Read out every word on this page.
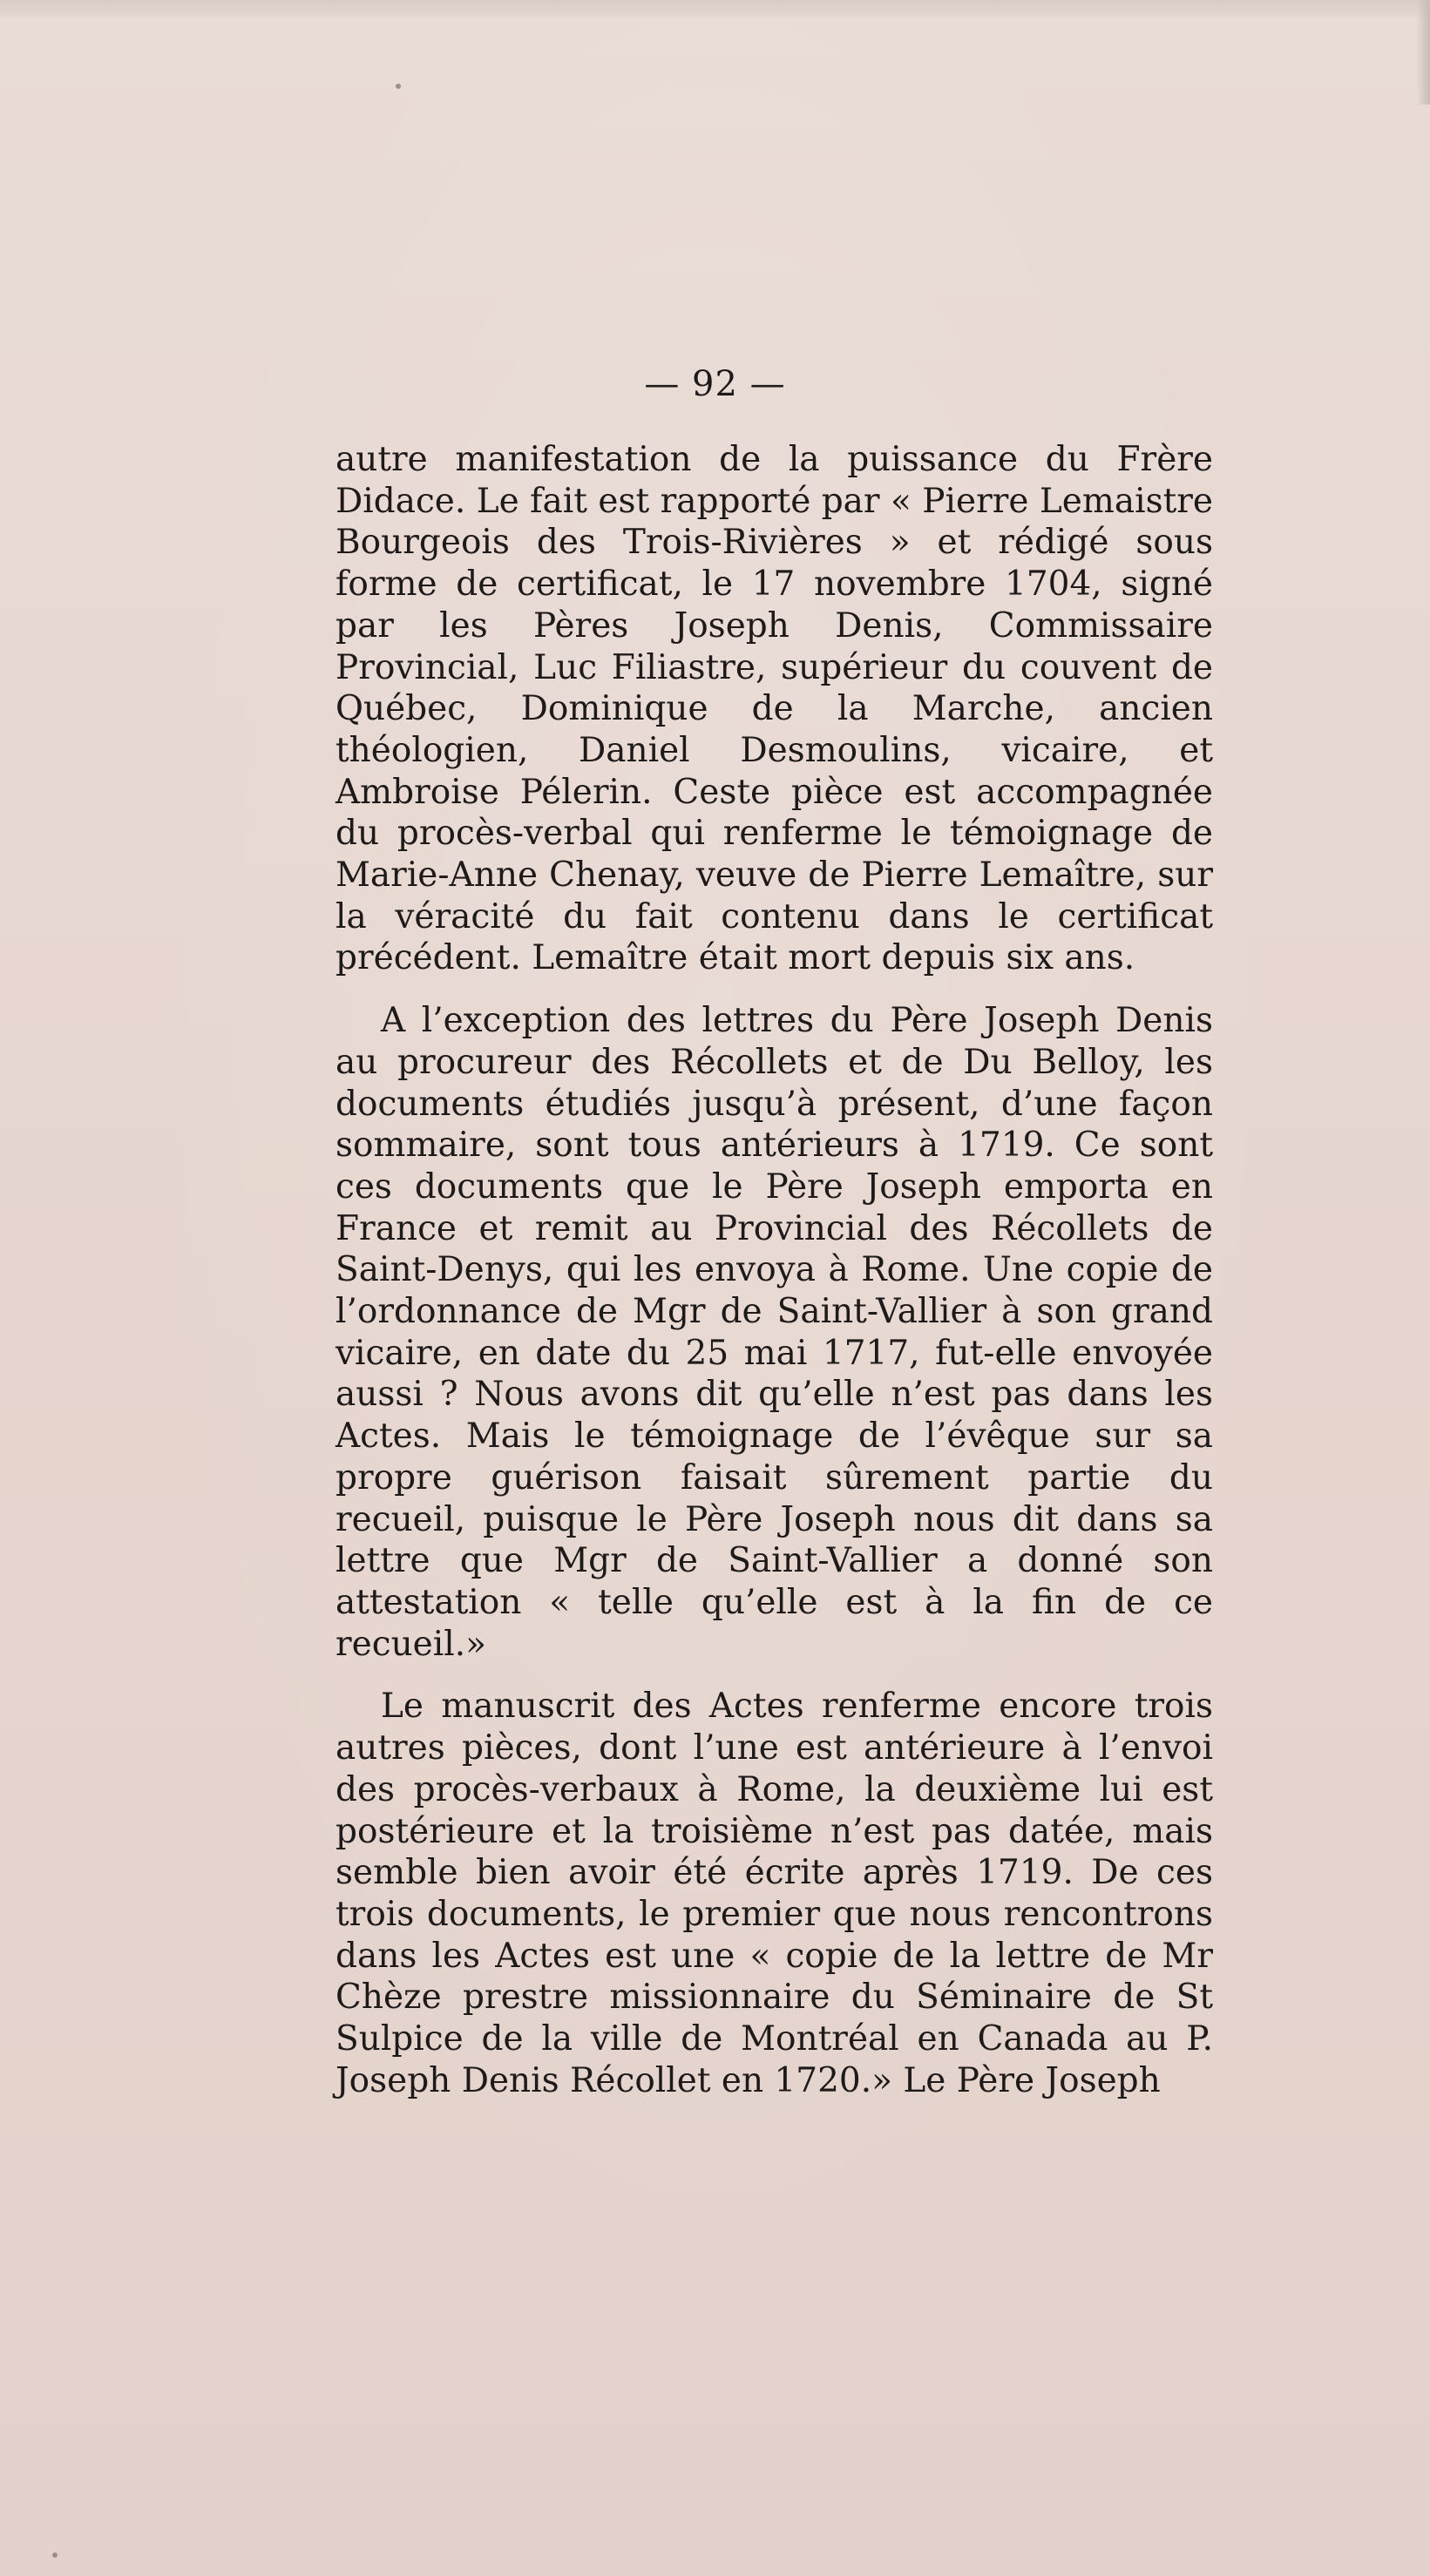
— 92 —

autre manifestation de la puissance du Frère Didace. Le fait est rapporté par « Pierre Lemaistre Bourgeois des Trois-Rivières » et rédigé sous forme de certificat, le 17 novembre 1704, signé par les Pères Joseph Denis, Commissaire Provincial, Luc Filiastre, supérieur du couvent de Québec, Dominique de la Marche, ancien théologien, Daniel Desmoulins, vicaire, et Ambroise Pélerin. Ceste pièce est accompagnée du procès-verbal qui renferme le témoignage de Marie-Anne Chenay, veuve de Pierre Lemaître, sur la véracité du fait contenu dans le certificat précédent. Lemaître était mort depuis six ans.

A l’exception des lettres du Père Joseph Denis au procureur des Récollets et de Du Belloy, les documents étudiés jusqu’à présent, d’une façon sommaire, sont tous antérieurs à 1719. Ce sont ces documents que le Père Joseph emporta en France et remit au Provincial des Récollets de Saint-Denys, qui les envoya à Rome. Une copie de l’ordonnance de Mgr de Saint-Vallier à son grand vicaire, en date du 25 mai 1717, fut-elle envoyée aussi ? Nous avons dit qu’elle n’est pas dans les Actes. Mais le témoignage de l’évêque sur sa propre guérison faisait sûrement partie du recueil, puisque le Père Joseph nous dit dans sa lettre que Mgr de Saint-Vallier a donné son attestation « telle qu’elle est à la fin de ce recueil.»

Le manuscrit des Actes renferme encore trois autres pièces, dont l’une est antérieure à l’envoi des procès-verbaux à Rome, la deuxième lui est postérieure et la troisième n’est pas datée, mais semble bien avoir été écrite après 1719. De ces trois documents, le premier que nous rencontrons dans les Actes est une « copie de la lettre de Mr Chèze prestre missionnaire du Séminaire de St Sulpice de la ville de Montréal en Canada au P. Joseph Denis Récollet en 1720.» Le Père Joseph
